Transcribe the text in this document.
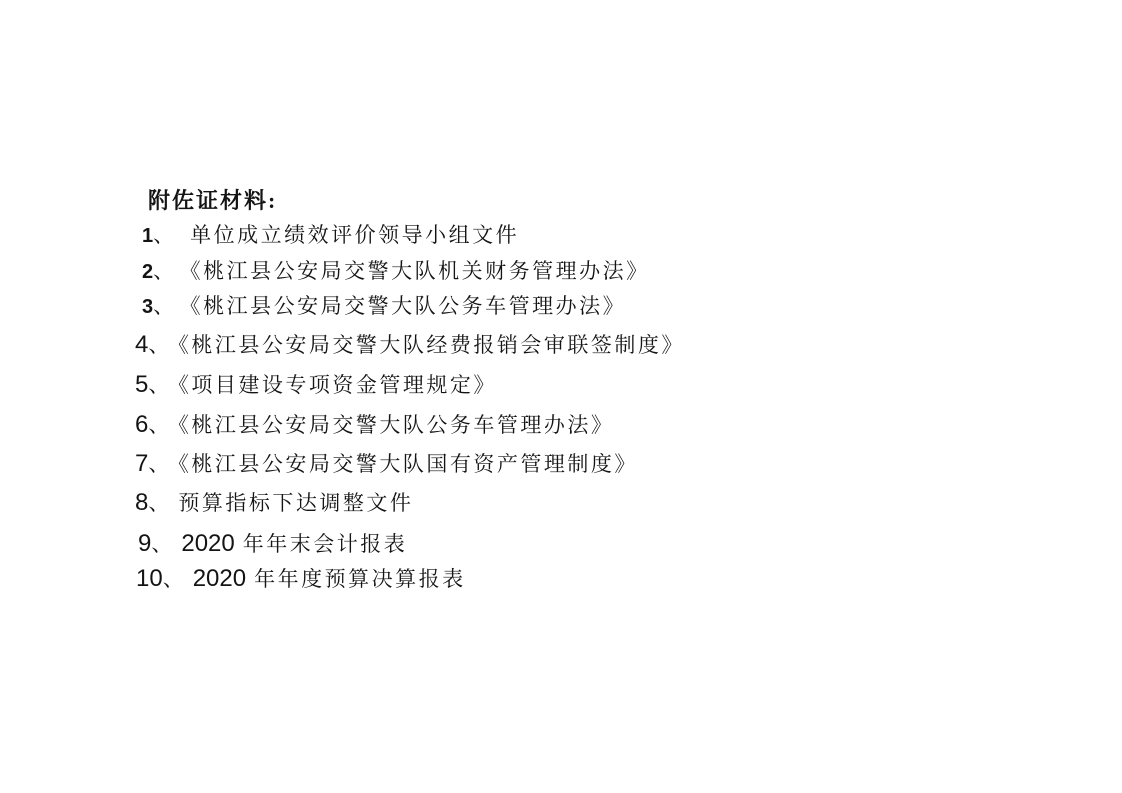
附佐证材料:
1、 单位成立绩效评价领导小组文件
2、 《桃江县公安局交警大队机关财务管理办法》
3、 《桃江县公安局交警大队公务车管理办法》
4、 《桃江县公安局交警大队经费报销会审联签制度》
5、 《项目建设专项资金管理规定》
6、 《桃江县公安局交警大队公务车管理办法》
7、 《桃江县公安局交警大队国有资产管理制度》
8、 预算指标下达调整文件
9、 2020 年年末会计报表
10、 2020 年年度预算决算报表
